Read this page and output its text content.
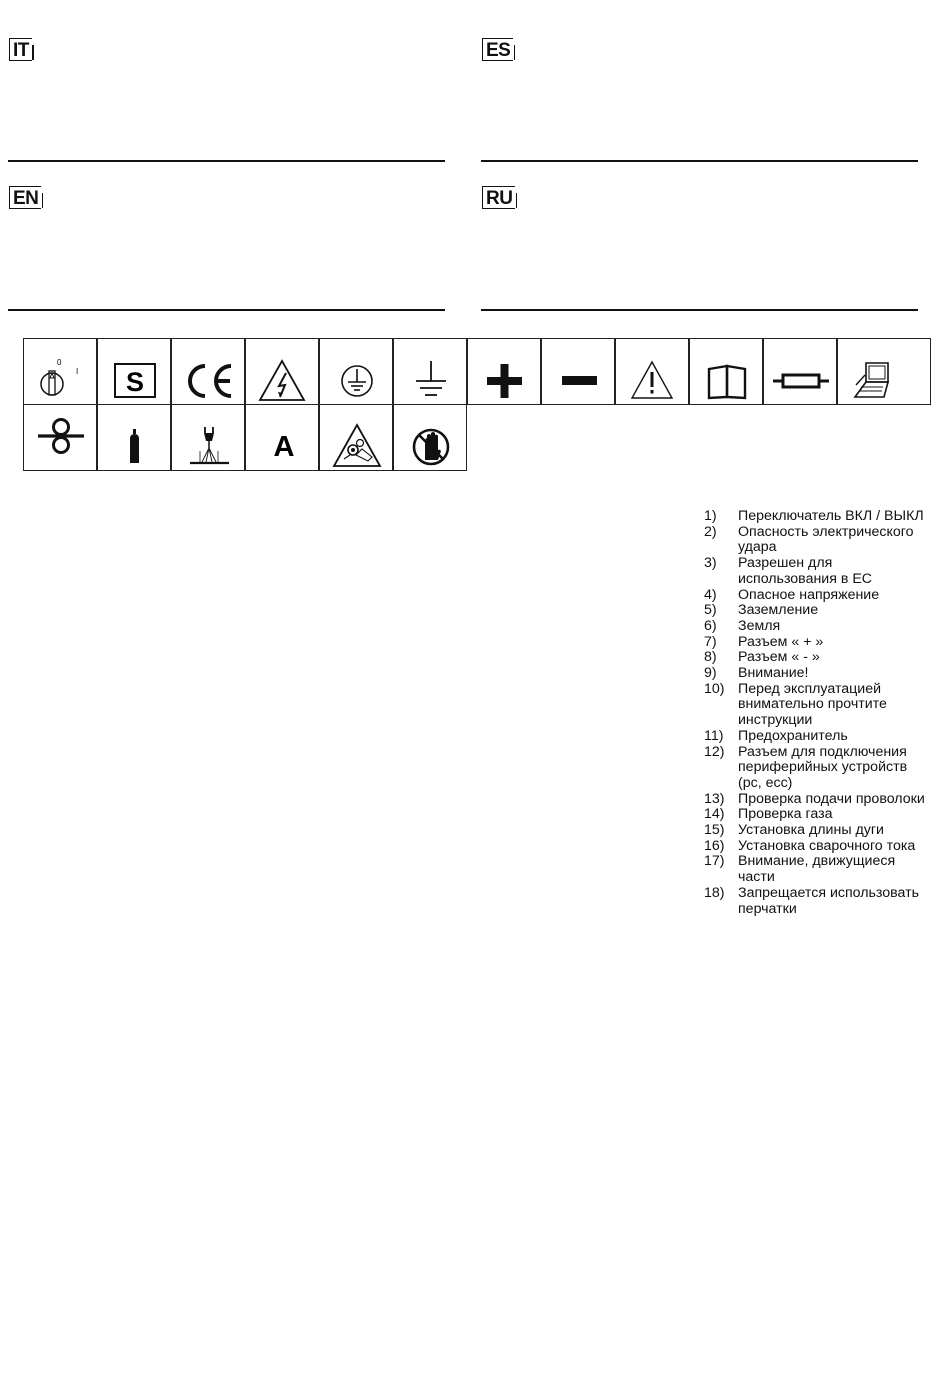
IT	ES
EN	RU
0
I S
A
1)	Переключатель ВКЛ / ВЫКЛ
2)	Опасность электрического удара
3)	Разрешен для использования в ЕС
4)	Опасное напряжение
5)	Заземление
6)	Земля
7)	Разъем « + »
8)	Разъем « - »
9)	Внимание!
10) Перед эксплуатацией внимательно прочтите инструкции
11)	Предохранитель
12) Разъем для подключения периферийных устройств (pc, ecc)
13) Проверка подачи проволоки
14) Проверка газа
15) Установка длины дуги
16) Установка сварочного тока
17) Внимание, движущиеся части
18) Запрещается использовать перчатки
